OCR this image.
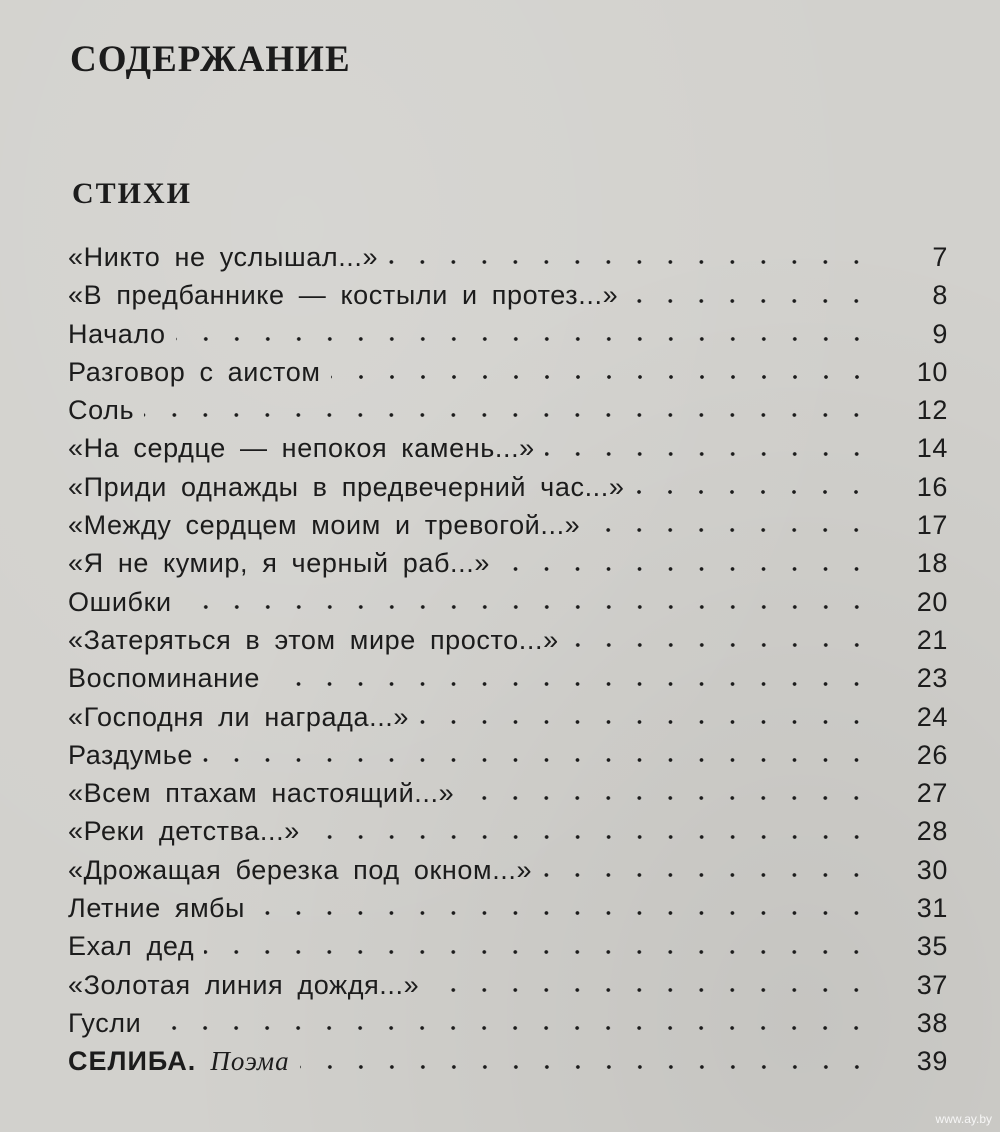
СОДЕРЖАНИЕ
СТИХИ
«Никто не услышал...»	7
«В предбаннике — костыли и протез...»	8
Начало	9
Разговор с аистом	10
Соль	12
«На сердце — непокоя камень...»	14
«Приди однажды в предвечерний час...»	16
«Между сердцем моим и тревогой...»	17
«Я не кумир, я черный раб...»	18
Ошибки	20
«Затеряться в этом мире просто...»	21
Воспоминание	23
«Господня ли награда...»	24
Раздумье	26
«Всем птахам настоящий...»	27
«Реки детства...»	28
«Дрожащая березка под окном...»	30
Летние ямбы	31
Ехал дед	35
«Золотая линия дождя...»	37
Гусли	38
СЕЛИБА. Поэма	39
www.ay.by
